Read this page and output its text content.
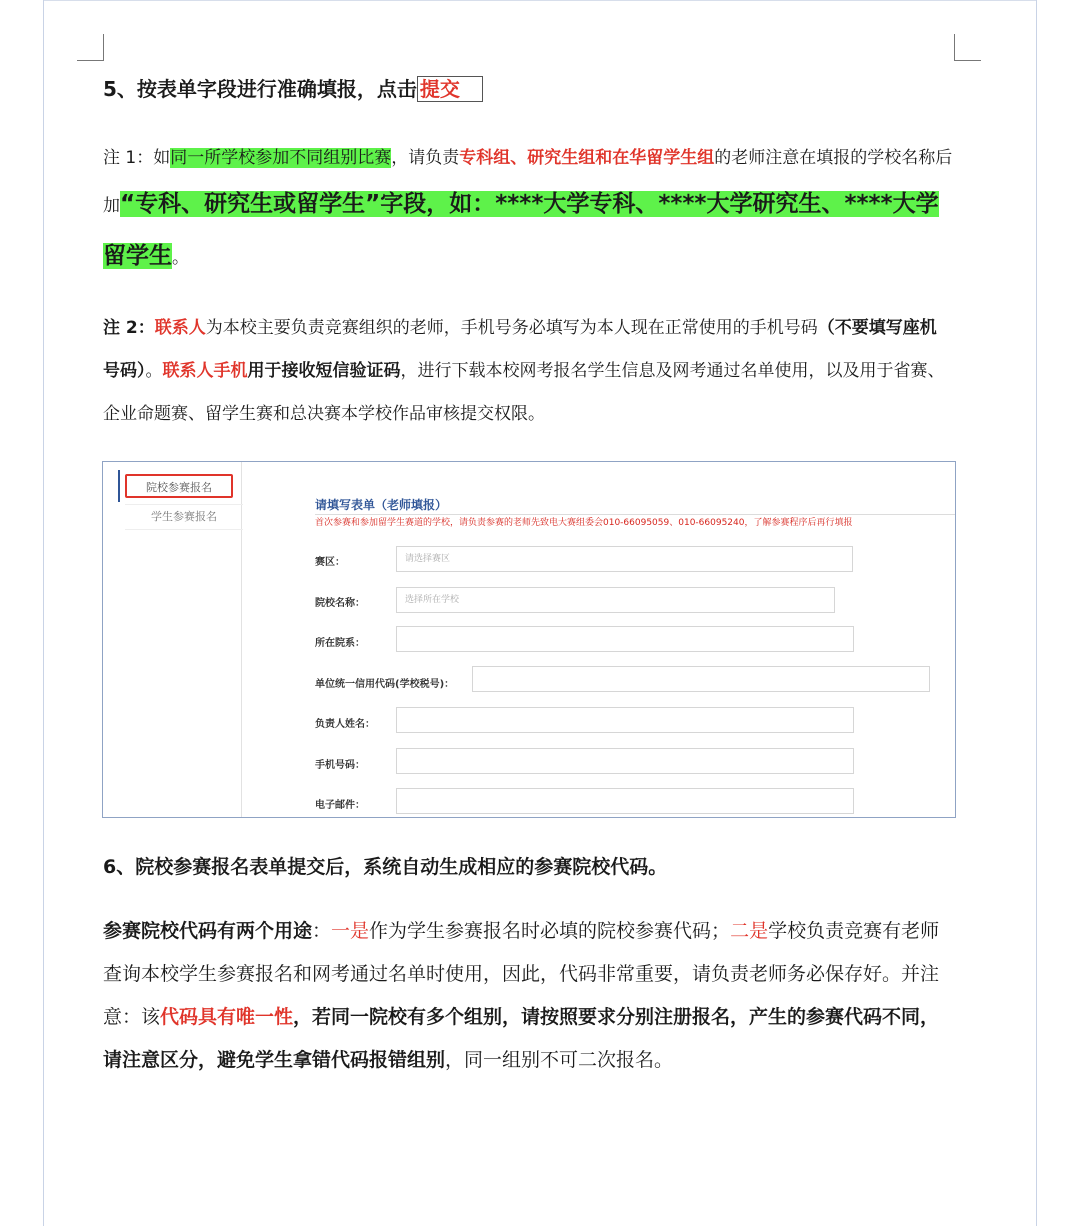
5、按表单字段进行准确填报，点击 提交
注 1：如同一所学校参加不同组别比赛，请负责专科组、研究生组和在华留学生组的老师注意在填报的学校名称后加“专科、研究生或留学生”字段，如：****大学专科、****大学研究生、****大学留学生。
注 2：联系人为本校主要负责竞赛组织的老师，手机号务必填写为本人现在正常使用的手机号码（不要填写座机号码）。联系人手机用于接收短信验证码，进行下载本校网考报名学生信息及网考通过名单使用，以及用于省赛、企业命题赛、留学生赛和总决赛本学校作品审核提交权限。
院校参赛报名
学生参赛报名
请填写表单（老师填报）
首次参赛和参加留学生赛道的学校，请负责参赛的老师先致电大赛组委会010-66095059、010-66095240，了解参赛程序后再行填报
赛区：	请选择赛区
院校名称：	选择所在学校
所在院系：
单位统一信用代码(学校税号)：
负责人姓名：
手机号码：
电子邮件：
6、院校参赛报名表单提交后，系统自动生成相应的参赛院校代码。
参赛院校代码有两个用途：一是作为学生参赛报名时必填的院校参赛代码；二是学校负责竞赛有老师查询本校学生参赛报名和网考通过名单时使用，因此，代码非常重要，请负责老师务必保存好。并注意：该代码具有唯一性，若同一院校有多个组别，请按照要求分别注册报名，产生的参赛代码不同，请注意区分，避免学生拿错代码报错组别，同一组别不可二次报名。
